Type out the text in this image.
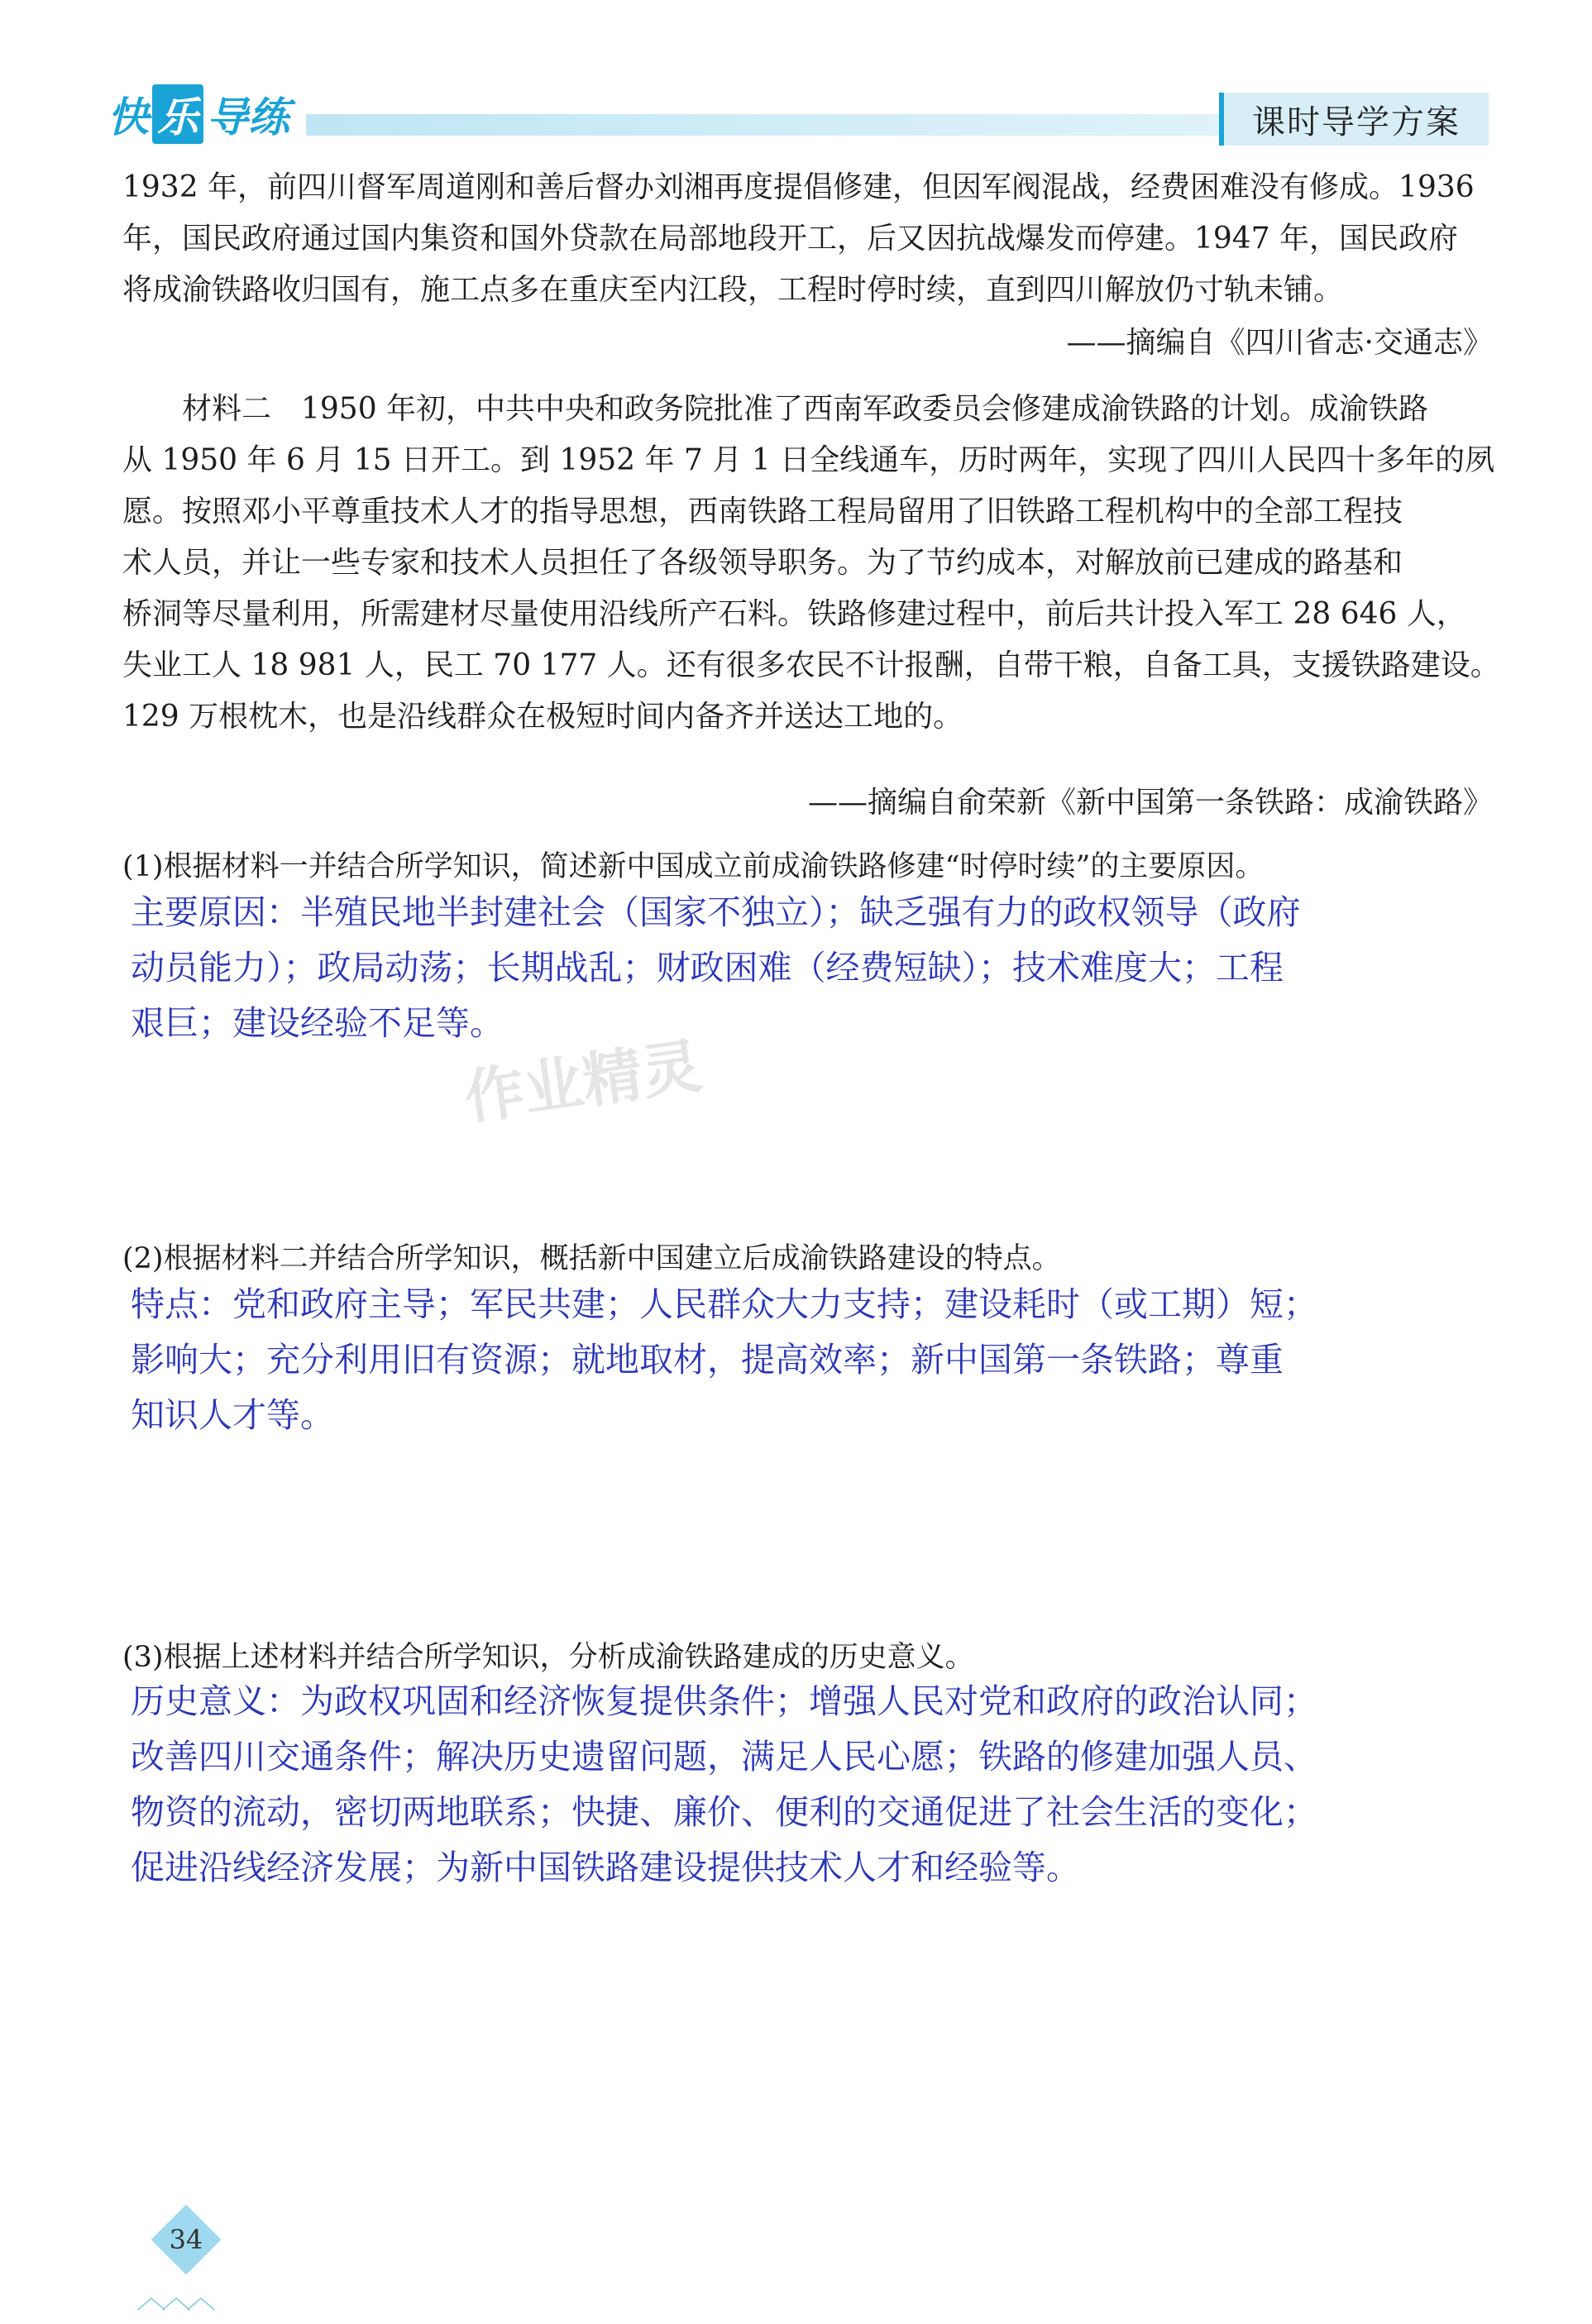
快 乐 导 练	课时导学方案
1932 年，前四川督军周道刚和善后督办刘湘再度提倡修建，但因军阀混战，经费困难没有修成。1936
年，国民政府通过国内集资和国外贷款在局部地段开工，后又因抗战爆发而停建。1947 年，国民政府
将成渝铁路收归国有，施工点多在重庆至内江段，工程时停时续，直到四川解放仍寸轨未铺。
——摘编自《四川省志·交通志》
材料二　1950 年初，中共中央和政务院批准了西南军政委员会修建成渝铁路的计划。成渝铁路
从 1950 年 6 月 15 日开工。到 1952 年 7 月 1 日全线通车，历时两年，实现了四川人民四十多年的夙
愿。按照邓小平尊重技术人才的指导思想，西南铁路工程局留用了旧铁路工程机构中的全部工程技
术人员，并让一些专家和技术人员担任了各级领导职务。为了节约成本，对解放前已建成的路基和
桥洞等尽量利用，所需建材尽量使用沿线所产石料。铁路修建过程中，前后共计投入军工 28 646 人，
失业工人 18 981 人，民工 70 177 人。还有很多农民不计报酬，自带干粮，自备工具，支援铁路建设。
129 万根枕木，也是沿线群众在极短时间内备齐并送达工地的。
——摘编自俞荣新《新中国第一条铁路：成渝铁路》
(1)根据材料一并结合所学知识，简述新中国成立前成渝铁路修建“时停时续”的主要原因。
主要原因：半殖民地半封建社会（国家不独立）；缺乏强有力的政权领导（政府
动员能力）；政局动荡；长期战乱；财政困难（经费短缺）；技术难度大；工程
艰巨；建设经验不足等。
作业精灵
(2)根据材料二并结合所学知识，概括新中国建立后成渝铁路建设的特点。
特点：党和政府主导；军民共建；人民群众大力支持；建设耗时（或工期）短；
影响大；充分利用旧有资源；就地取材，提高效率；新中国第一条铁路；尊重
知识人才等。
(3)根据上述材料并结合所学知识，分析成渝铁路建成的历史意义。
历史意义：为政权巩固和经济恢复提供条件；增强人民对党和政府的政治认同；
改善四川交通条件；解决历史遗留问题，满足人民心愿；铁路的修建加强人员、
物资的流动，密切两地联系；快捷、廉价、便利的交通促进了社会生活的变化；
促进沿线经济发展；为新中国铁路建设提供技术人才和经验等。
34
︿︿︿
